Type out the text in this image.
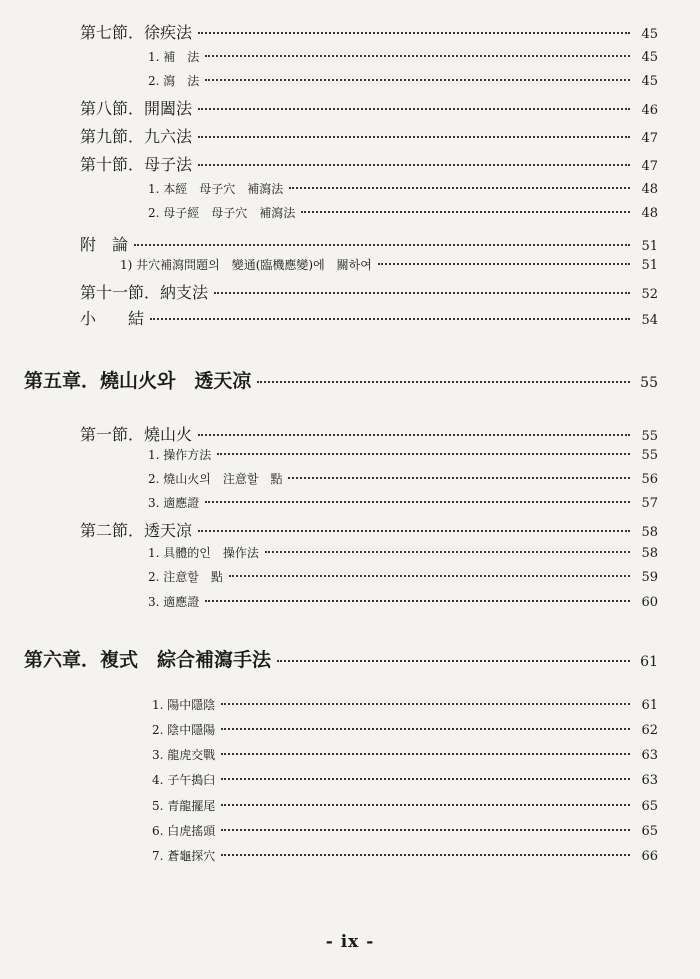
第七節．徐疾法	45
1. 補　法	45
2. 瀉　法	45
第八節．開闔法	46
第九節．九六法	47
第十節．母子法	47
1. 本經　母子穴　補瀉法	48
2. 母子經　母子穴　補瀉法	48
附　論	51
1) 井穴補瀉問題의　變通(臨機應變)에　關하여	51
第十一節．納支法	52
小　　結	54
第五章．燒山火와　透天凉	55
第一節．燒山火	55
1. 操作方法	55
2. 燒山火의　注意할　點	56
3. 適應證	57
第二節．透天凉	58
1. 具體的인　操作法	58
2. 注意할　點	59
3. 適應證	60
第六章．複式　綜合補瀉手法	61
1. 陽中隱陰	61
2. 陰中隱陽	62
3. 龍虎交戰	63
4. 子午搗臼	63
5. 青龍擺尾	65
6. 白虎搖頭	65
7. 蒼龜探穴	66
- ix -
